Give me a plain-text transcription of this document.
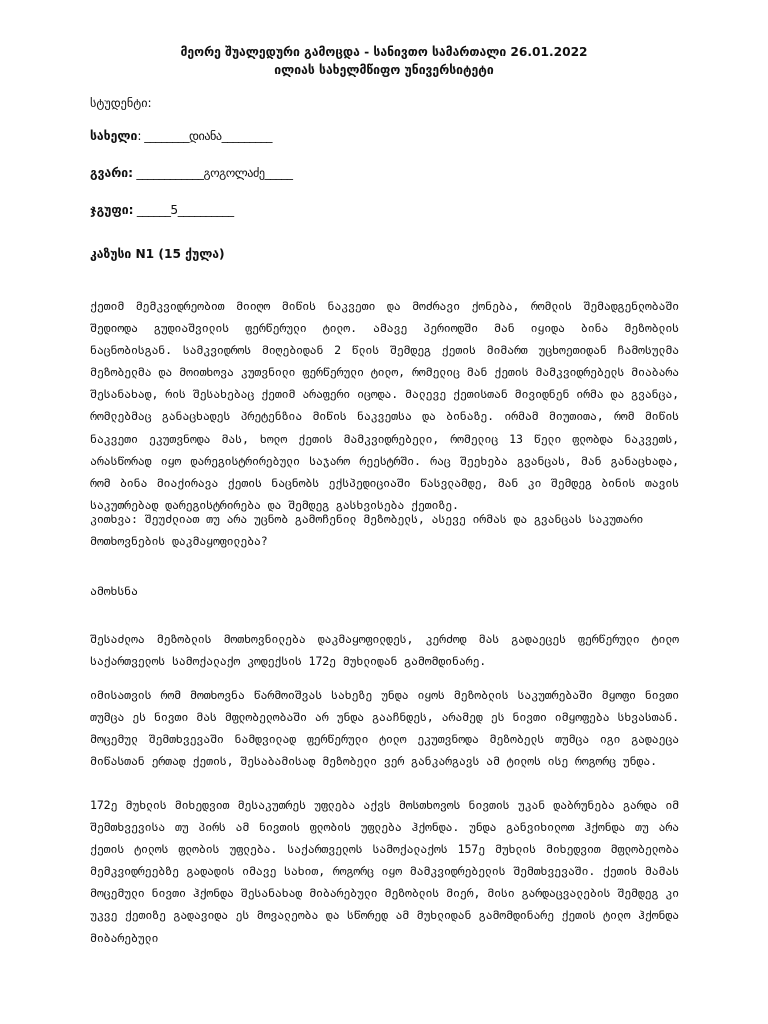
მეორე შუალედური გამოცდა - სანივთო სამართალი 26.01.2022
ილიას სახელმწიფო უნივერსიტეტი
სტუდენტი:
სახელი: ________დიანა_________
გვარი: ____________გოგოლაძე_____
ჯგუფი: ______5__________
კაზუსი N1 (15 ქულა)
ქეთიმ მემკვიდრეობით მიიღო მიწის ნაკვეთი და მოძრავი ქონება, რომლის შემადგენლობაში შედიოდა გუდიაშვილის ფერწერული ტილო. ამავე პერიოდში მან იყიდა ბინა მეზობლის ნაცნობისგან. სამკვიდროს მიღებიდან 2 წლის შემდეგ ქეთის მიმართ უცხოეთიდან ჩამოსულმა მეზობელმა და მოითხოვა კუთვნილი ფერწერული ტილო, რომელიც მან ქეთის მამკვიდრებელს მიაბარა შესანახად, რის შესახებაც ქეთიმ არაფერი იცოდა. მალევე ქეთისთან მივიდნენ ირმა და გვანცა, რომლებმაც განაცხადეს პრეტენზია მიწის ნაკვეთსა და ბინაზე. ირმამ მიუთითა, რომ მიწის ნაკვეთი ეკუთვნოდა მას, ხოლო ქეთის მამკვიდრებელი, რომელიც 13 წელი ფლობდა ნაკვეთს, არასწორად იყო დარეგისტრირებული საჯარო რეესტრში. რაც შეეხება გვანცას, მან განაცხადა, რომ ბინა მიაქირავა ქეთის ნაცნობს ექსპედიციაში წასვლამდე, მან კი შემდეგ ბინის თავის საკუთრებად დარეგისტრირება და შემდეგ გასხვისება ქეთიზე.
კითხვა: შეუძლიათ თუ არა უცნობ გამოჩენილ მეზობელს, ასევე ირმას და გვანცას საკუთარი მოთხოვნების დაკმაყოფილება?
ამოხსნა
შესაძლოა მეზობლის მოთხოვნილება დაკმაყოფილდეს, კერძოდ მას გადაეცეს ფერწერული ტილო საქართველოს სამოქალაქო კოდექსის 172ე მუხლიდან გამომდინარე.
იმისათვის რომ მოთხოვნა წარმოიშვას სახეზე უნდა იყოს მეზობლის საკუთრებაში მყოფი ნივთი თუმცა ეს ნივთი მას მფლობელობაში არ უნდა გააჩნდეს, არამედ ეს ნივთი იმყოფება სხვასთან. მოცემულ შემთხვევაში ნამდვილად ფერწერული ტილო ეკუთვნოდა მეზობელს თუმცა იგი გადაეცა მიწასთან ერთად ქეთის, შესაბამისად მეზობელი ვერ განკარგავს ამ ტილოს ისე როგორც უნდა.
172ე მუხლის მიხედვით მესაკუთრეს უფლება აქვს მოსთხოვოს ნივთის უკან დაბრუნება გარდა იმ შემთხვევისა თუ პირს ამ ნივთის ფლობის უფლება ჰქონდა. უნდა განვიხილოთ ჰქონდა თუ არა ქეთის ტილოს ფლობის უფლება. საქართველოს სამოქალაქოს 157ე მუხლის მიხედვით მფლობელობა მემკვიდრეებზე გადადის იმავე სახით, როგორც იყო მამკვიდრებელის შემთხვევაში. ქეთის მამას მოცემული ნივთი ჰქონდა შესანახად მიბარებული მეზობლის მიერ, მისი გარდაცვალების შემდეგ კი უკვე ქეთიზე გადავიდა ეს მოვალეობა და სწორედ ამ მუხლიდან გამომდინარე ქეთის ტილო ჰქონდა მიბარებული
